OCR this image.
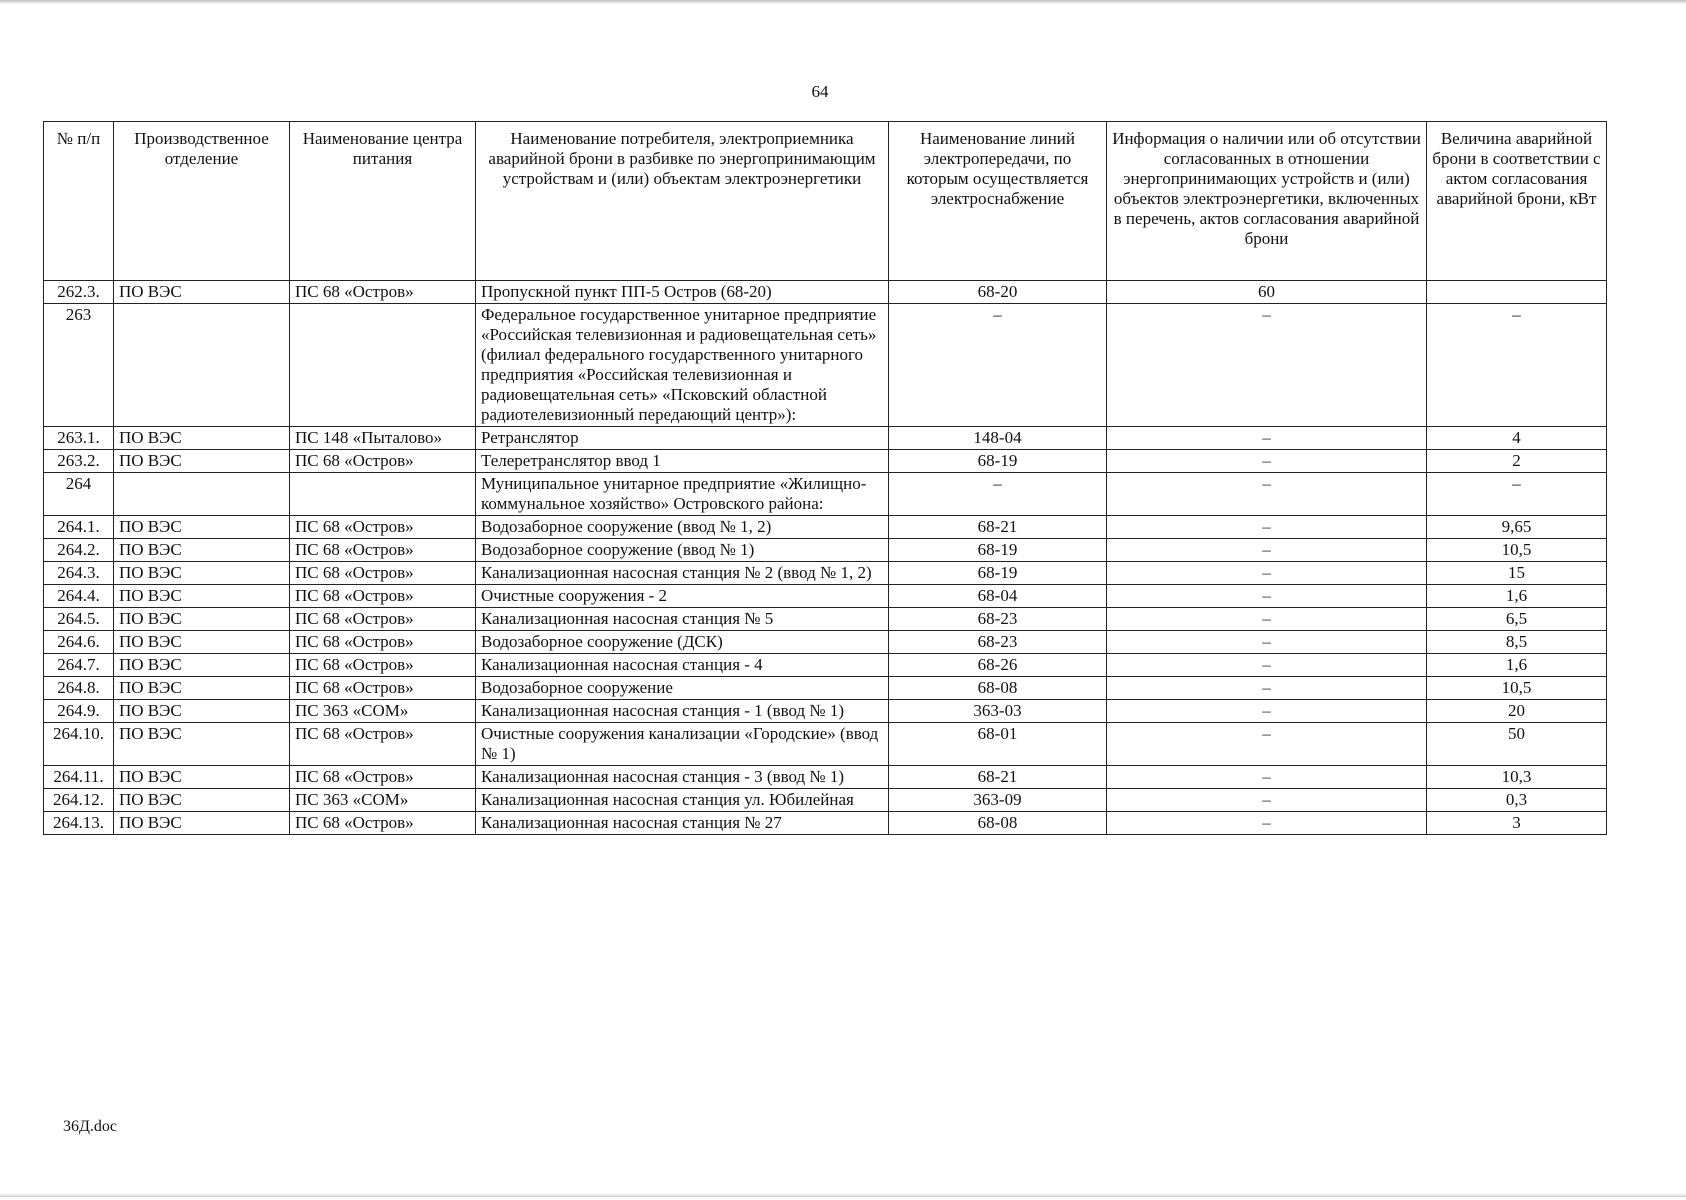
64
№ п/п	Производственное отделение	Наименование центра питания	Наименование потребителя, электроприемника аварийной брони в разбивке по энергопринимающим устройствам и (или) объектам электроэнергетики	Наименование линий электропередачи, по которым осуществляется электроснабжение	Информация о наличии или об отсутствии согласованных в отношении энергопринимающих устройств и (или) объектов электроэнергетики, включенных в перечень, актов согласования аварийной брони	Величина аварийной брони в соответствии с актом согласования аварийной брони, кВт
262.3.	ПО ВЭС	ПС 68 «Остров»	Пропускной пункт ПП-5 Остров (68-20)	68-20	60	
263			Федеральное государственное унитарное предприятие «Российская телевизионная и радиовещательная сеть» (филиал федерального государственного унитарного предприятия «Российская телевизионная и радиовещательная сеть» «Псковский областной радиотелевизионный передающий центр»):	–	–	–
263.1.	ПО ВЭС	ПС 148 «Пыталово»	Ретранслятор	148-04	–	4
263.2.	ПО ВЭС	ПС 68 «Остров»	Телеретранслятор ввод 1	68-19	–	2
264			Муниципальное унитарное предприятие «Жилищно-коммунальное хозяйство» Островского района:	–	–	–
264.1.	ПО ВЭС	ПС 68 «Остров»	Водозаборное сооружение (ввод № 1, 2)	68-21	–	9,65
264.2.	ПО ВЭС	ПС 68 «Остров»	Водозаборное сооружение (ввод № 1)	68-19	–	10,5
264.3.	ПО ВЭС	ПС 68 «Остров»	Канализационная насосная станция № 2 (ввод № 1, 2)	68-19	–	15
264.4.	ПО ВЭС	ПС 68 «Остров»	Очистные сооружения - 2	68-04	–	1,6
264.5.	ПО ВЭС	ПС 68 «Остров»	Канализационная насосная станция № 5	68-23	–	6,5
264.6.	ПО ВЭС	ПС 68 «Остров»	Водозаборное сооружение (ДСК)	68-23	–	8,5
264.7.	ПО ВЭС	ПС 68 «Остров»	Канализационная насосная станция - 4	68-26	–	1,6
264.8.	ПО ВЭС	ПС 68 «Остров»	Водозаборное сооружение	68-08	–	10,5
264.9.	ПО ВЭС	ПС 363 «СОМ»	Канализационная насосная станция - 1 (ввод № 1)	363-03	–	20
264.10.	ПО ВЭС	ПС 68 «Остров»	Очистные сооружения канализации «Городские» (ввод № 1)	68-01	–	50
264.11.	ПО ВЭС	ПС 68 «Остров»	Канализационная насосная станция - 3 (ввод № 1)	68-21	–	10,3
264.12.	ПО ВЭС	ПС 363 «СОМ»	Канализационная насосная станция ул. Юбилейная	363-09	–	0,3
264.13.	ПО ВЭС	ПС 68 «Остров»	Канализационная насосная станция № 27	68-08	–	3
36Д.doc
